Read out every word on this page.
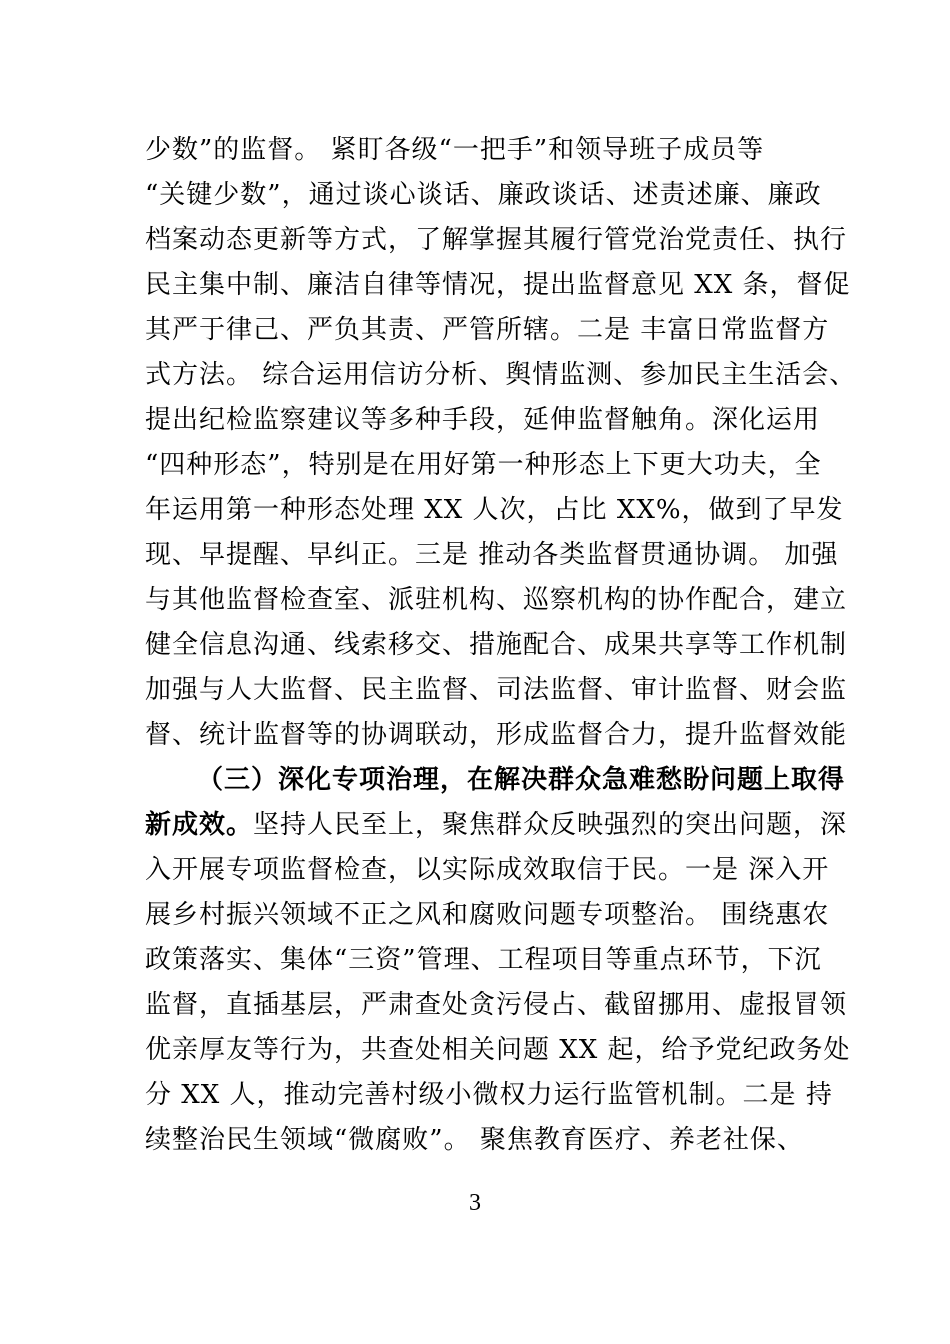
少数”的监督。 紧盯各级“一把手”和领导班子成员等
“关键少数”，通过谈心谈话、廉政谈话、述责述廉、廉政
档案动态更新等方式，了解掌握其履行管党治党责任、执行
民主集中制、廉洁自律等情况，提出监督意见 XX 条，督促
其严于律己、严负其责、严管所辖。二是 丰富日常监督方
式方法。 综合运用信访分析、舆情监测、参加民主生活会、
提出纪检监察建议等多种手段，延伸监督触角。深化运用
“四种形态”，特别是在用好第一种形态上下更大功夫，全
年运用第一种形态处理 XX 人次，占比 XX%，做到了早发
现、早提醒、早纠正。三是 推动各类监督贯通协调。 加强
与其他监督检查室、派驻机构、巡察机构的协作配合，建立
健全信息沟通、线索移交、措施配合、成果共享等工作机制
加强与人大监督、民主监督、司法监督、审计监督、财会监
督、统计监督等的协调联动，形成监督合力，提升监督效能
（三）深化专项治理，在解决群众急难愁盼问题上取得
新成效。坚持人民至上，聚焦群众反映强烈的突出问题，深
入开展专项监督检查，以实际成效取信于民。一是 深入开
展乡村振兴领域不正之风和腐败问题专项整治。 围绕惠农
政策落实、集体“三资”管理、工程项目等重点环节，下沉
监督，直插基层，严肃查处贪污侵占、截留挪用、虚报冒领
优亲厚友等行为，共查处相关问题 XX 起，给予党纪政务处
分 XX 人，推动完善村级小微权力运行监管机制。二是 持
续整治民生领域“微腐败”。 聚焦教育医疗、养老社保、
3
